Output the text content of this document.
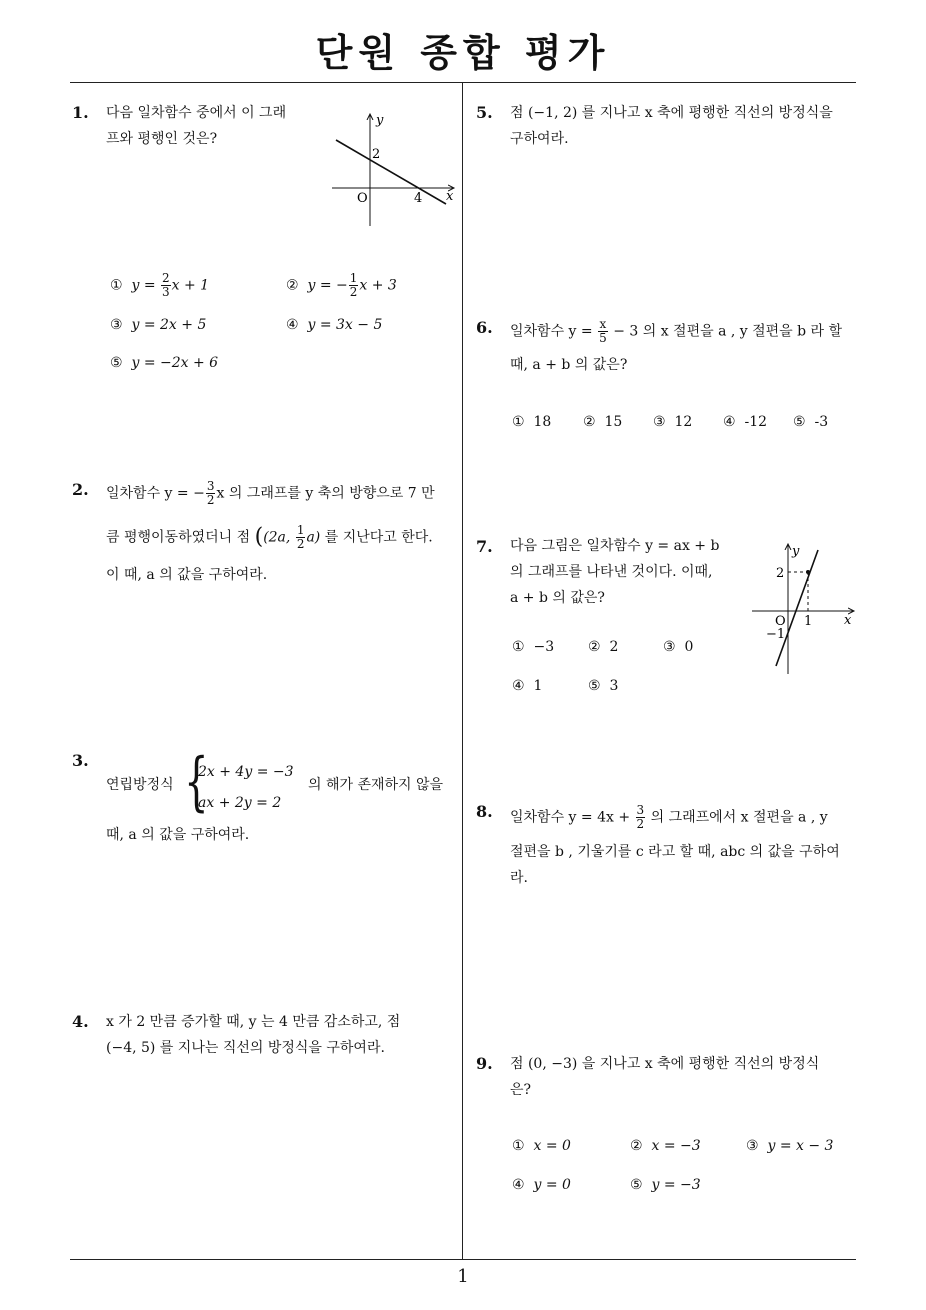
단원 종합 평가
1
1. 다음 일차함수 중에서 이 그래
프와 평행인 것은?
y
x
O	4
2
① $y = \frac{2}{3}$ x + 1	② y = − $\frac{1}{2}$ x + 3
③ y = 2x + 5	④ y = 3x − 5
⑤ y = −2x + 6
2. 일차함수 y = − $\frac{3}{2}$ x 의 그래프를 y 축의 방향으로 7 만
큼 평행이동하였더니 점 ((2a, $\frac{1}{2} a$) 를 지난다고 한다.
이 때, a 의 값을 구하여라.
3.
연립방정식 {
2x + 4y = −3
ax + 2y = 2
의 해가 존재하지 않을
때, a 의 값을 구하여라.
4. x 가 2 만큼 증가할 때, y 는 4 만큼 감소하고, 점
(−4, 5) 를 지나는 직선의 방정식을 구하여라.
5. 점 (−1, 2) 를 지나고 x 축에 평행한 직선의 방정식을
구하여라.
6. 일차함수 $y = \frac{x}{5} - 3$ 의 x 절편을 a , y 절편을 b 라 할
때, a + b 의 값은?
① 18 ② 15 ③ 12 ④ -12 ⑤ -3
7. 다음 그림은 일차함수 y = ax + b
의 그래프를 나타낸 것이다. 이때,
a + b 의 값은?
y
x
O
−1
1
2
① −3 ② 2	③ 0
④ 1	⑤ 3
8. 일차함수 $y = 4x + \frac{3}{2}$ 의 그래프에서 x 절편을 a , y
절편을 b , 기울기를 c 라고 할 때, abc 의 값을 구하여
라.
9. 점 (0, −3) 을 지나고 x 축에 평행한 직선의 방정식
은?
① x = 0	② x = −3	③ y = x − 3
④ y = 0	⑤ y = −3
